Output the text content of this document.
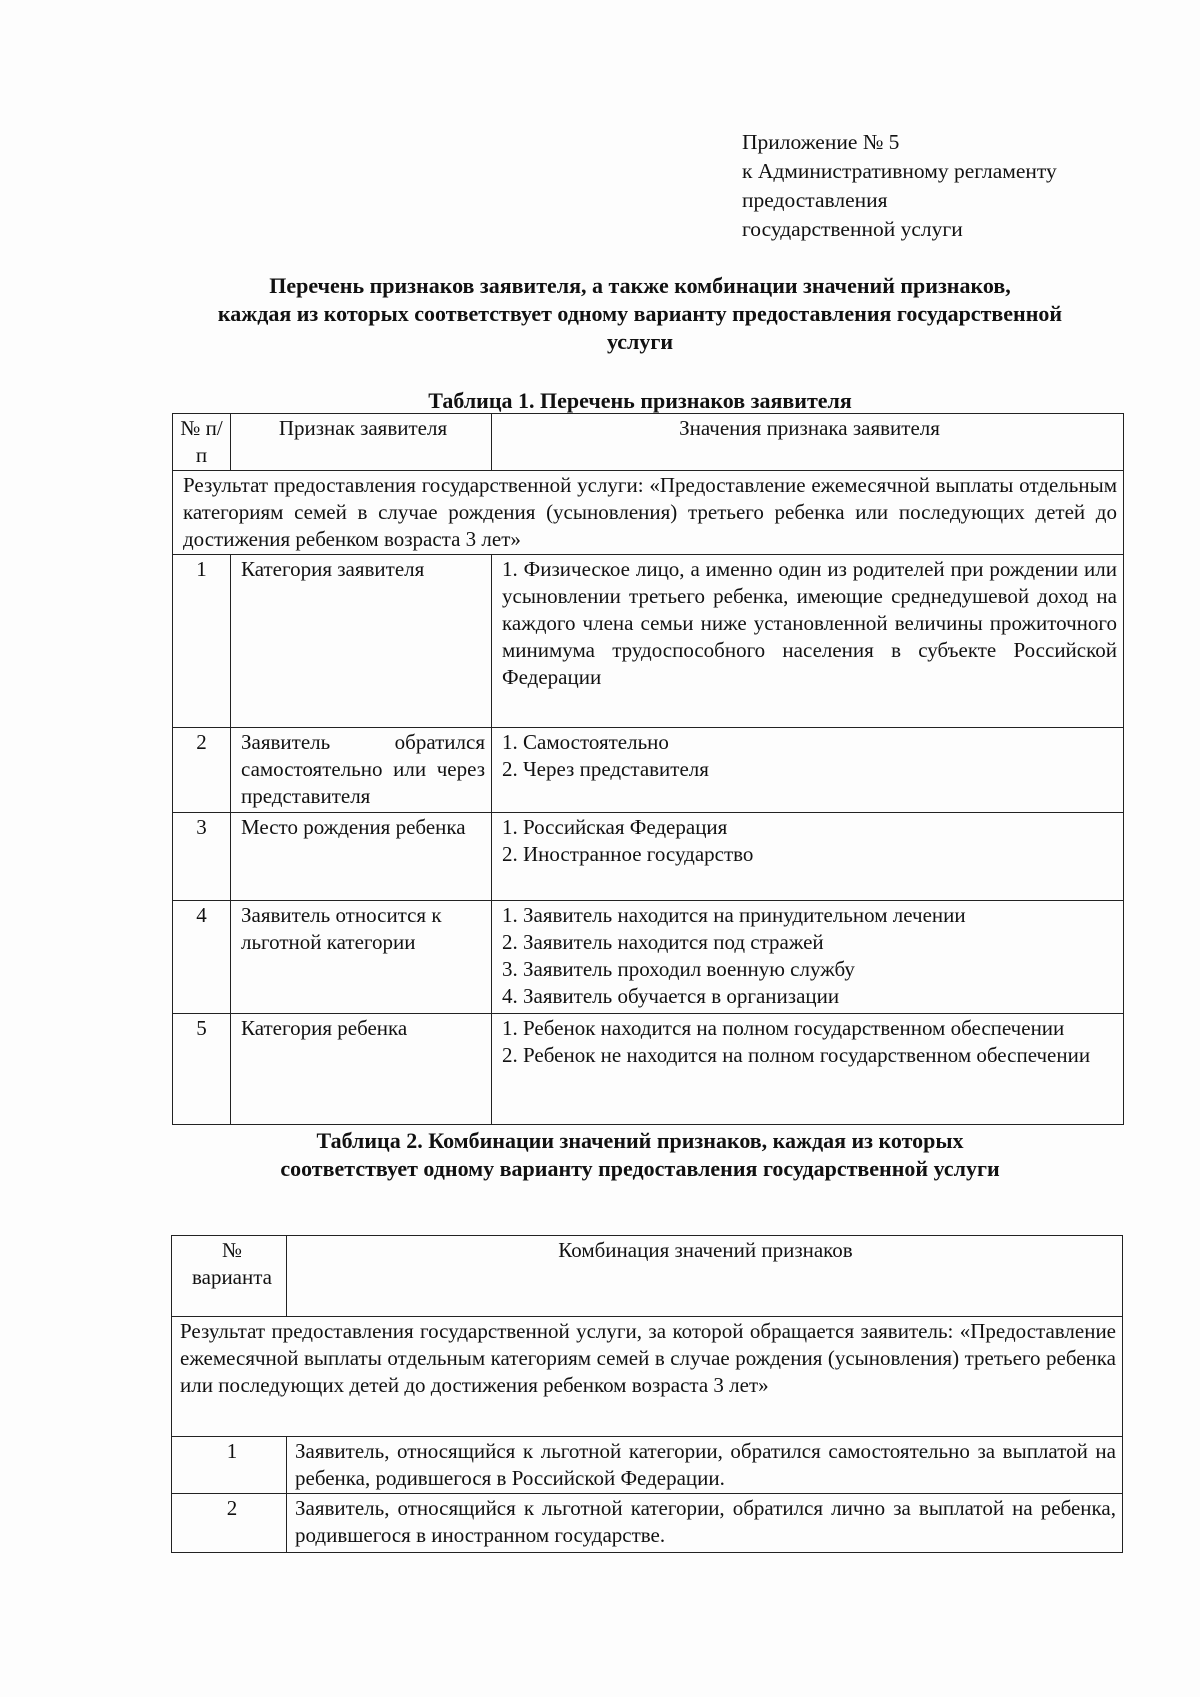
Приложение № 5
к Административному регламенту
предоставления
государственной услуги
Перечень признаков заявителя, а также комбинации значений признаков,
каждая из которых соответствует одному варианту предоставления государственной
услуги
Таблица 1. Перечень признаков заявителя
№ п/п	Признак заявителя	Значения признака заявителя
Результат предоставления государственной услуги: «Предоставление ежемесячной выплаты отдельным категориям семей в случае рождения (усыновления) третьего ребенка или последующих детей до достижения ребенком возраста 3 лет»		
1	Категория заявителя	1. Физическое лицо, а именно один из родителей при рождении или усыновлении третьего ребенка, имеющие среднедушевой доход на каждого члена семьи ниже установленной величины прожиточного минимума трудоспособного населения в субъекте Российской Федерации

2	Заявитель обратился самостоятельно или через представителя	1. Самостоятельно
2. Через представителя

3	Место рождения ребенка	1. Российская Федерация
2. Иностранное государство

4	Заявитель относится к льготной категории	1. Заявитель находится на принудительном лечении
2. Заявитель находится под стражей
3. Заявитель проходил военную службу
4. Заявитель обучается в организации

5	Категория ребенка	1. Ребенок находится на полном государственном обеспечении
2. Ребенок не находится на полном государственном обеспечении
Таблица 2. Комбинации значений признаков, каждая из которых
соответствует одному варианту предоставления государственной услуги
№ варианта	Комбинация значений признаков
Результат предоставления государственной услуги, за которой обращается заявитель: «Предоставление ежемесячной выплаты отдельным категориям семей в случае рождения (усыновления) третьего ребенка или последующих детей до достижения ребенком возраста 3 лет»	
1	Заявитель, относящийся к льготной категории, обратился самостоятельно за выплатой на ребенка, родившегося в Российской Федерации.
2	Заявитель, относящийся к льготной категории, обратился лично за выплатой на ребенка, родившегося в иностранном государстве.
